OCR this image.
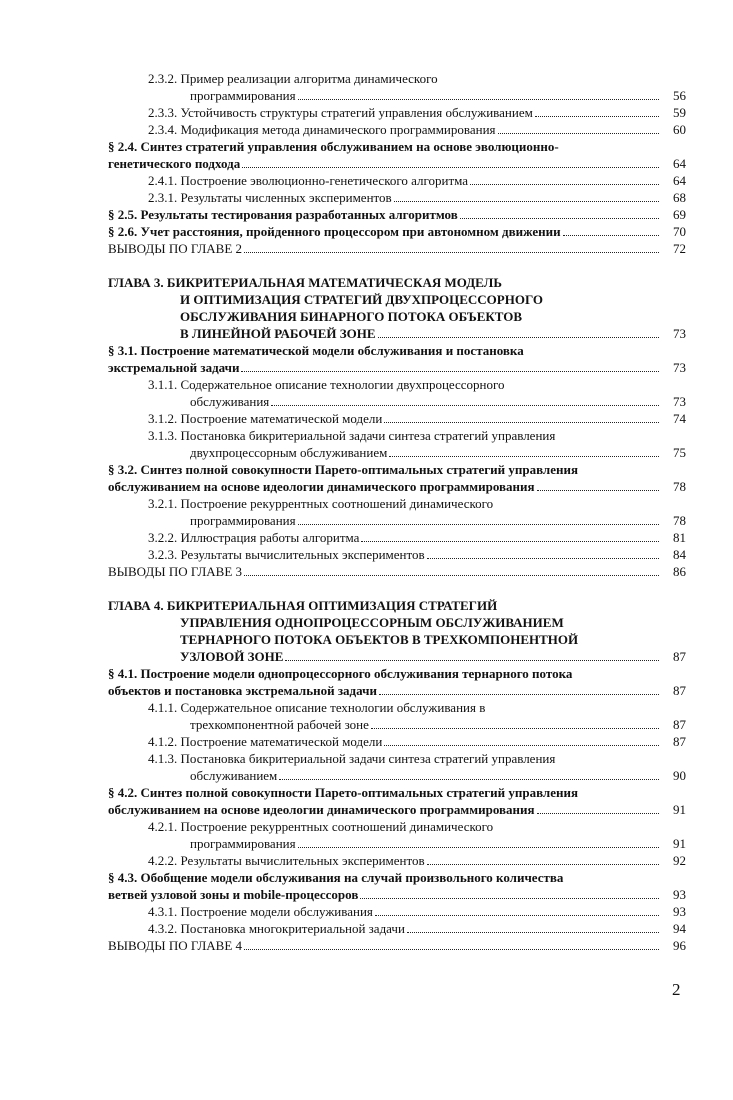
2.3.2. Пример реализации алгоритма динамического
программирования	56
2.3.3. Устойчивость структуры стратегий управления обслуживанием	59
2.3.4. Модификация метода динамического программирования	60
§ 2.4. Синтез стратегий управления обслуживанием на основе эволюционно-
генетического подхода	64
2.4.1. Построение эволюционно-генетического алгоритма	64
2.3.1. Результаты численных экспериментов	68
§ 2.5. Результаты тестирования разработанных алгоритмов	69
§ 2.6. Учет расстояния, пройденного процессором при автономном движении	70
ВЫВОДЫ ПО ГЛАВЕ 2	72
ГЛАВА 3. БИКРИТЕРИАЛЬНАЯ МАТЕМАТИЧЕСКАЯ МОДЕЛЬ
И ОПТИМИЗАЦИЯ СТРАТЕГИЙ ДВУХПРОЦЕССОРНОГО
ОБСЛУЖИВАНИЯ БИНАРНОГО ПОТОКА ОБЪЕКТОВ
В ЛИНЕЙНОЙ РАБОЧЕЙ ЗОНЕ	73
§ 3.1. Построение математической модели обслуживания и постановка
экстремальной задачи	73
3.1.1. Содержательное описание технологии двухпроцессорного
обслуживания	73
3.1.2. Построение математической модели	74
3.1.3. Постановка бикритериальной задачи синтеза стратегий управления
двухпроцессорным обслуживанием	75
§ 3.2. Синтез полной совокупности Парето-оптимальных стратегий управления
обслуживанием на основе идеологии динамического программирования	78
3.2.1. Построение рекуррентных соотношений динамического
программирования	78
3.2.2. Иллюстрация работы алгоритма	81
3.2.3. Результаты вычислительных экспериментов	84
ВЫВОДЫ ПО ГЛАВЕ 3	86
ГЛАВА 4. БИКРИТЕРИАЛЬНАЯ ОПТИМИЗАЦИЯ СТРАТЕГИЙ
УПРАВЛЕНИЯ ОДНОПРОЦЕССОРНЫМ ОБСЛУЖИВАНИЕМ
ТЕРНАРНОГО ПОТОКА ОБЪЕКТОВ В ТРЕХКОМПОНЕНТНОЙ
УЗЛОВОЙ ЗОНЕ	87
§ 4.1. Построение модели однопроцессорного обслуживания тернарного потока
объектов и постановка экстремальной задачи	87
4.1.1. Содержательное описание технологии обслуживания в
трехкомпонентной рабочей зоне	87
4.1.2. Построение математической модели	87
4.1.3. Постановка бикритериальной задачи синтеза стратегий управления
обслуживанием	90
§ 4.2. Синтез полной совокупности Парето-оптимальных стратегий управления
обслуживанием на основе идеологии динамического программирования	91
4.2.1. Построение рекуррентных соотношений динамического
программирования	91
4.2.2. Результаты вычислительных экспериментов	92
§ 4.3. Обобщение модели обслуживания на случай произвольного количества
ветвей узловой зоны и mobile-процессоров	93
4.3.1. Построение модели обслуживания	93
4.3.2. Постановка многокритериальной задачи	94
ВЫВОДЫ ПО ГЛАВЕ 4	96
2
